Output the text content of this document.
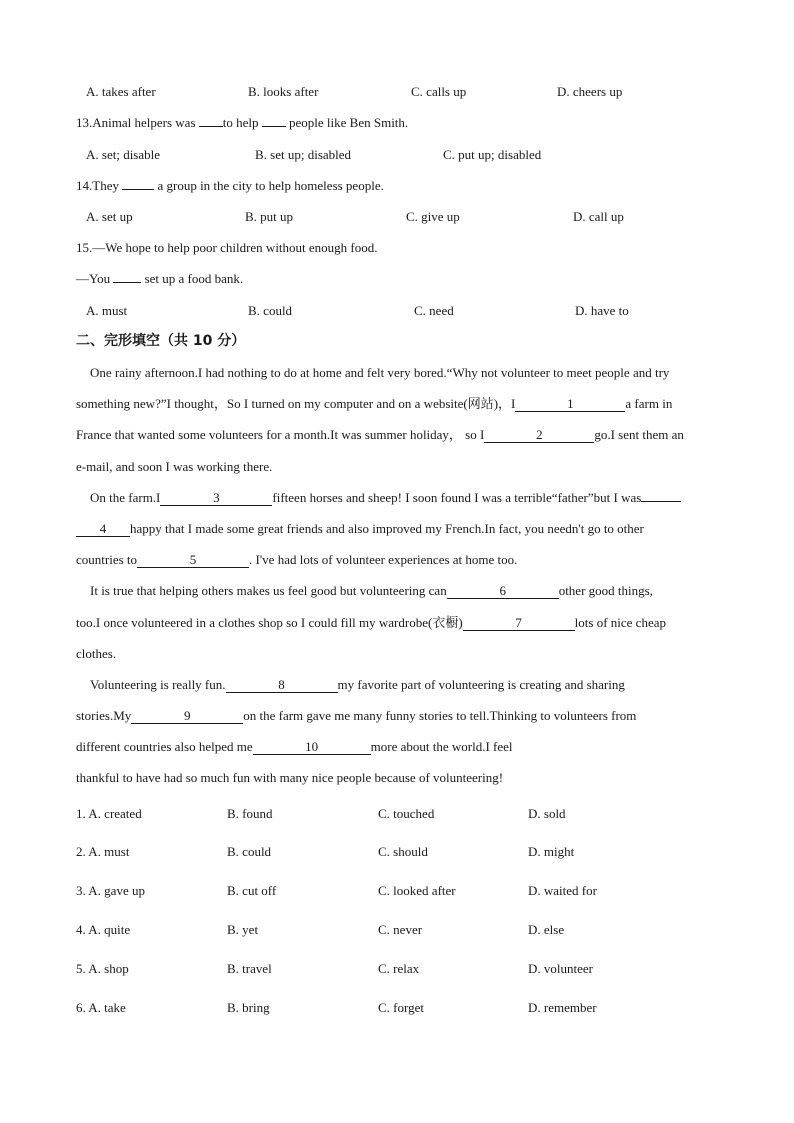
A. takes after	B. looks after	C. calls up	D. cheers up
13.Animal helpers was to help people like Ben Smith.
A. set; disable	B. set up; disabled	C. put up; disabled
14.They	a group in the city to help homeless people.
A. set up	B. put up	C. give up	D. call up
15.—We hope to help poor children without enough food.
—You	set up a food bank.
A. must	B. could	C. need	D. have to
二、完形填空（共 10 分）
One rainy afternoon.I had nothing to do at home and felt very bored.“Why not volunteer to meet people and try
something new?”I thought，So I turned on my computer and on a website(网站)，I	1	a farm in
France that wanted some volunteers for a month.It was summer holiday， so I	2	go.I sent them an
e-mail, and soon I was working there.
On the farm.I	3	fifteen horses and sheep! I soon found I was a terrible“father”but I was
4 happy that I made some great friends and also improved my French.In fact, you needn't go to other
countries to	5	. I've had lots of volunteer experiences at home too.
It is true that helping others makes us feel good but volunteering can	6	other good things,
too.I once volunteered in a clothes shop so I could fill my wardrobe(衣橱)	7	lots of nice cheap
clothes.
Volunteering is really fun.	8	my favorite part of volunteering is creating and sharing
stories.My	9	on the farm gave me many funny stories to tell.Thinking to volunteers from
different countries also helped me	10	more about the world.I feel
thankful to have had so much fun with many nice people because of volunteering!
1. A. created	B. found	C. touched	D. sold
2. A. must	B. could	C. should	D. might
3. A. gave up	B. cut off	C. looked after	D. waited for
4. A. quite	B. yet	C. never	D. else
5. A. shop	B. travel	C. relax	D. volunteer
6. A. take	B. bring	C. forget	D. remember
